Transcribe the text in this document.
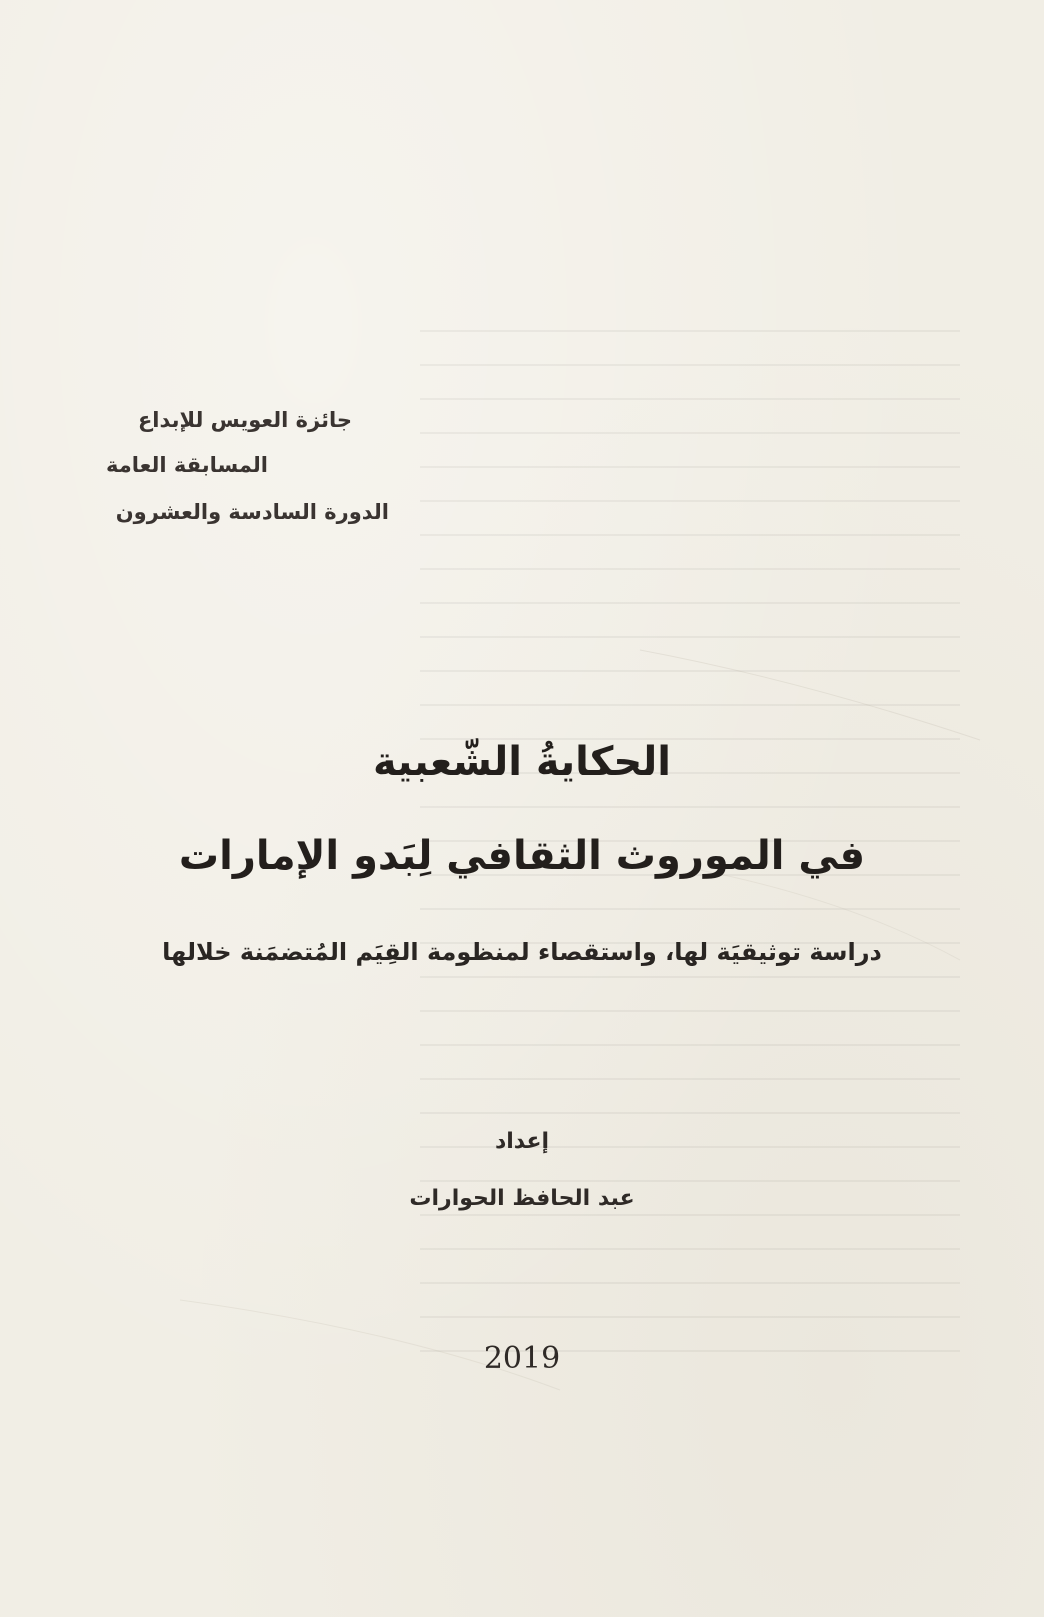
جائزة العويس للإبداع
المسابقة العامة
الدورة السادسة والعشرون
الحكايةُ الشّعبية
في الموروث الثقافي لِبَدو الإمارات
دراسة توثيقيَة لها، واستقصاء لمنظومة القِيَم المُتضمَنة خلالها
إعداد
عبد الحافظ الحوارات
2019
